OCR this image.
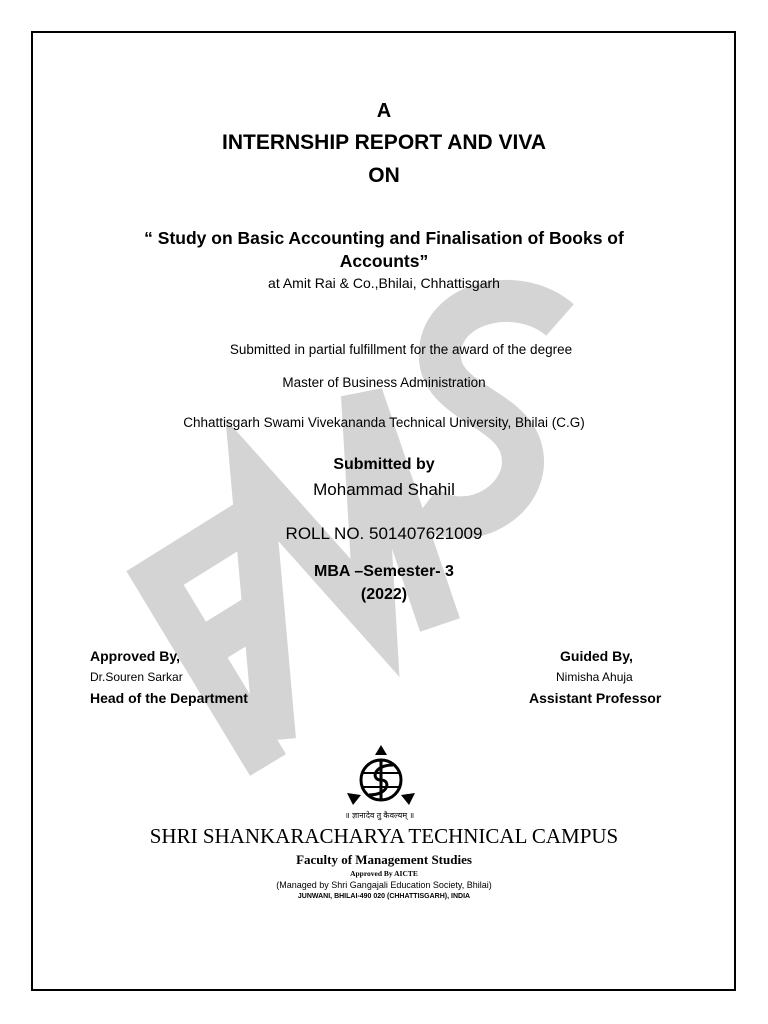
A
INTERNSHIP REPORT AND VIVA
ON
“ Study on Basic Accounting and Finalisation of Books of
Accounts”
at Amit Rai & Co.,Bhilai, Chhattisgarh
Submitted in partial fulfillment for the award of the degree
Master of Business Administration
Chhattisgarh Swami Vivekananda Technical University, Bhilai (C.G)
Submitted by
Mohammad Shahil
ROLL NO. 501407621009
MBA –Semester- 3
(2022)
Approved By,
Dr.Souren Sarkar
Head of the Department
Guided By,
Nimisha Ahuja
Assistant Professor
॥ ज्ञानादेव तु कैवल्यम् ॥
SHRI SHANKARACHARYA TECHNICAL CAMPUS
Faculty of Management Studies
Approved By AICTE
(Managed by Shri Gangajali Education Society, Bhilai)
JUNWANI, BHILAI-490 020 (CHHATTISGARH), INDIA
